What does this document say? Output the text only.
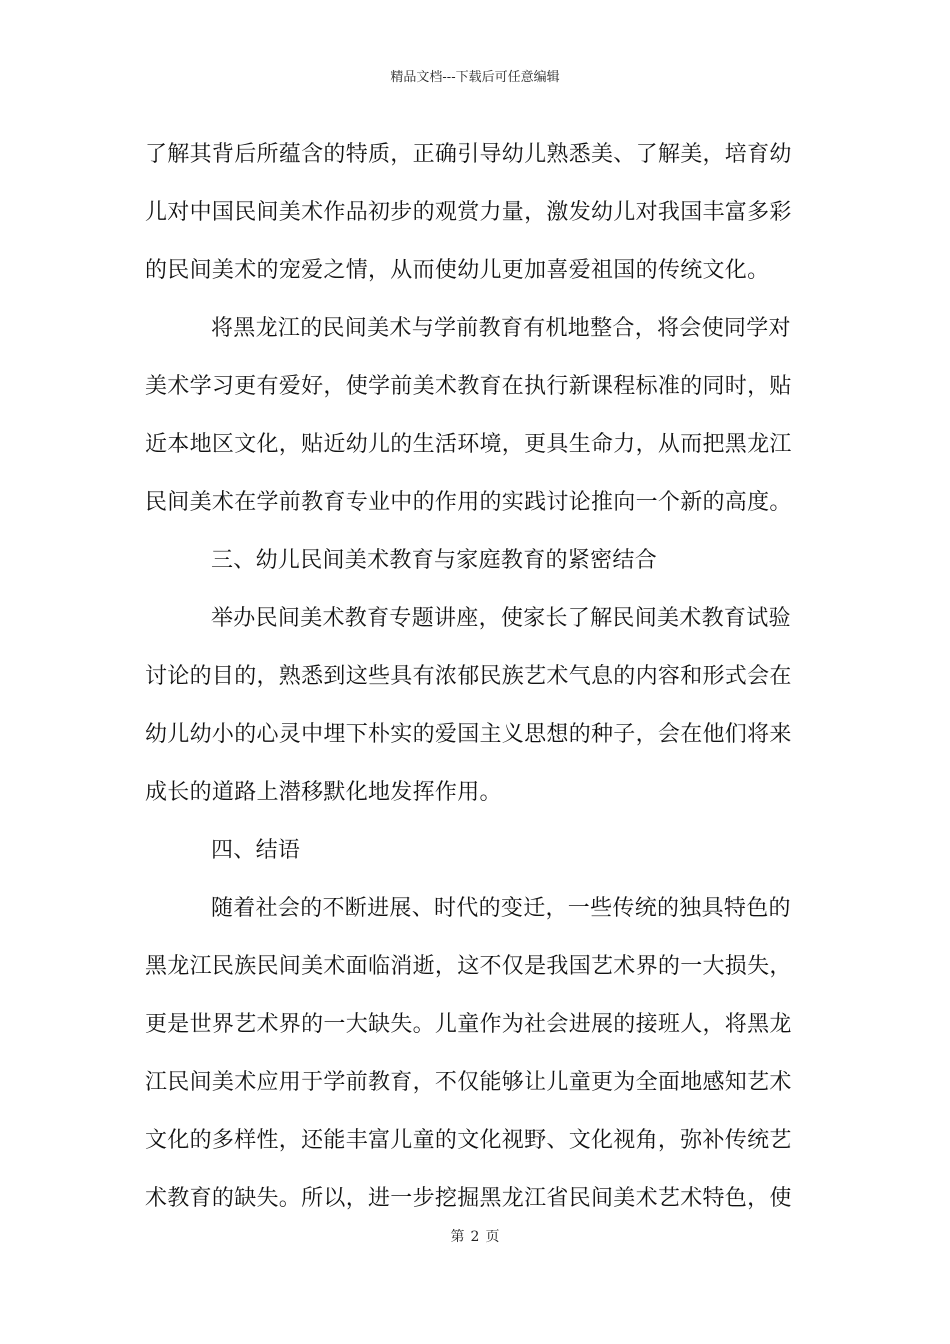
精品文档---下载后可任意编辑
了解其背后所蕴含的特质，正确引导幼儿熟悉美、了解美，培育幼
儿对中国民间美术作品初步的观赏力量，激发幼儿对我国丰富多彩
的民间美术的宠爱之情，从而使幼儿更加喜爱祖国的传统文化。
将黑龙江的民间美术与学前教育有机地整合，将会使同学对
美术学习更有爱好，使学前美术教育在执行新课程标准的同时，贴
近本地区文化，贴近幼儿的生活环境，更具生命力，从而把黑龙江
民间美术在学前教育专业中的作用的实践讨论推向一个新的高度。
三、幼儿民间美术教育与家庭教育的紧密结合
举办民间美术教育专题讲座，使家长了解民间美术教育试验
讨论的目的，熟悉到这些具有浓郁民族艺术气息的内容和形式会在
幼儿幼小的心灵中埋下朴实的爱国主义思想的种子，会在他们将来
成长的道路上潜移默化地发挥作用。
四、结语
随着社会的不断进展、时代的变迁，一些传统的独具特色的
黑龙江民族民间美术面临消逝，这不仅是我国艺术界的一大损失，
更是世界艺术界的一大缺失。儿童作为社会进展的接班人，将黑龙
江民间美术应用于学前教育，不仅能够让儿童更为全面地感知艺术
文化的多样性，还能丰富儿童的文化视野、文化视角，弥补传统艺
术教育的缺失。所以，进一步挖掘黑龙江省民间美术艺术特色，使
第 2 页
